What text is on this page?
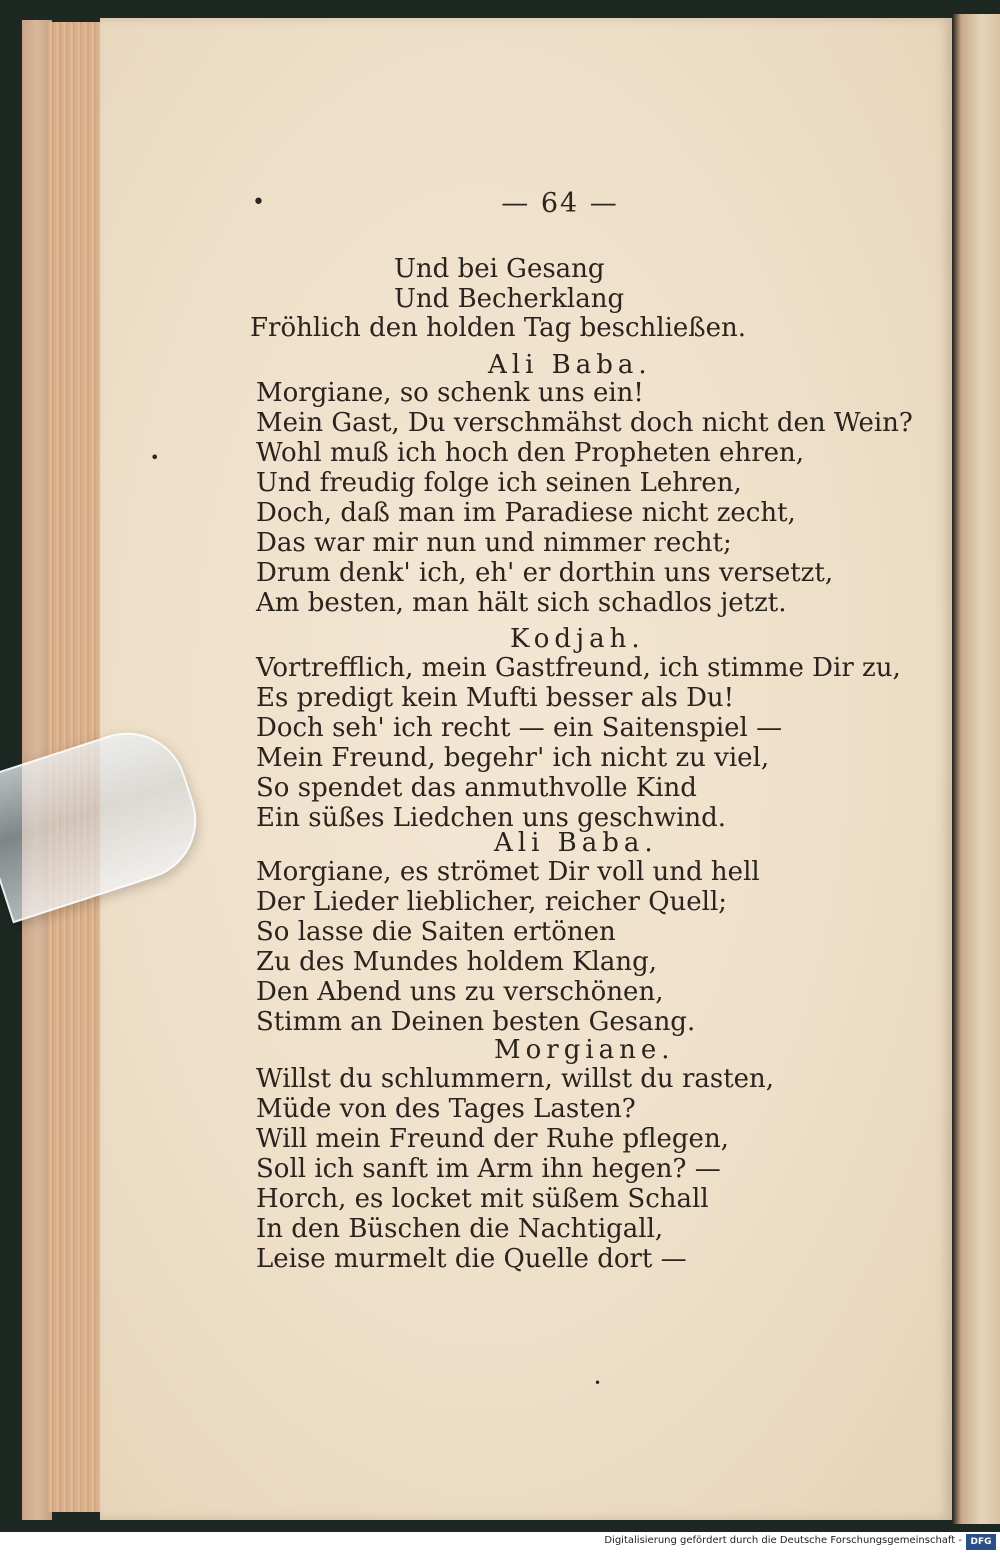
•
•
— 64 —
Und bei Gesang
Und Becherklang
Fröhlich den holden Tag beschließen.
Ali Baba.
Morgiane, so schenk uns ein!
Mein Gast, Du verschmähst doch nicht den Wein?
Wohl muß ich hoch den Propheten ehren,
Und freudig folge ich seinen Lehren,
Doch, daß man im Paradiese nicht zecht,
Das war mir nun und nimmer recht;
Drum denk' ich, eh' er dorthin uns versetzt,
Am besten, man hält sich schadlos jetzt.
Kodjah.
Vortrefflich, mein Gastfreund, ich stimme Dir zu,
Es predigt kein Mufti besser als Du!
Doch seh' ich recht — ein Saitenspiel —
Mein Freund, begehr' ich nicht zu viel,
So spendet das anmuthvolle Kind
Ein süßes Liedchen uns geschwind.
Ali Baba.
Morgiane, es strömet Dir voll und hell
Der Lieder lieblicher, reicher Quell;
So lasse die Saiten ertönen
Zu des Mundes holdem Klang,
Den Abend uns zu verschönen,
Stimm an Deinen besten Gesang.
Morgiane.
Willst du schlummern, willst du rasten,
Müde von des Tages Lasten?
Will mein Freund der Ruhe pflegen,
Soll ich sanft im Arm ihn hegen? —
Horch, es locket mit süßem Schall
In den Büschen die Nachtigall,
Leise murmelt die Quelle dort —
•
Digitalisierung gefördert durch die Deutsche Forschungsgemeinschaft - DFG
